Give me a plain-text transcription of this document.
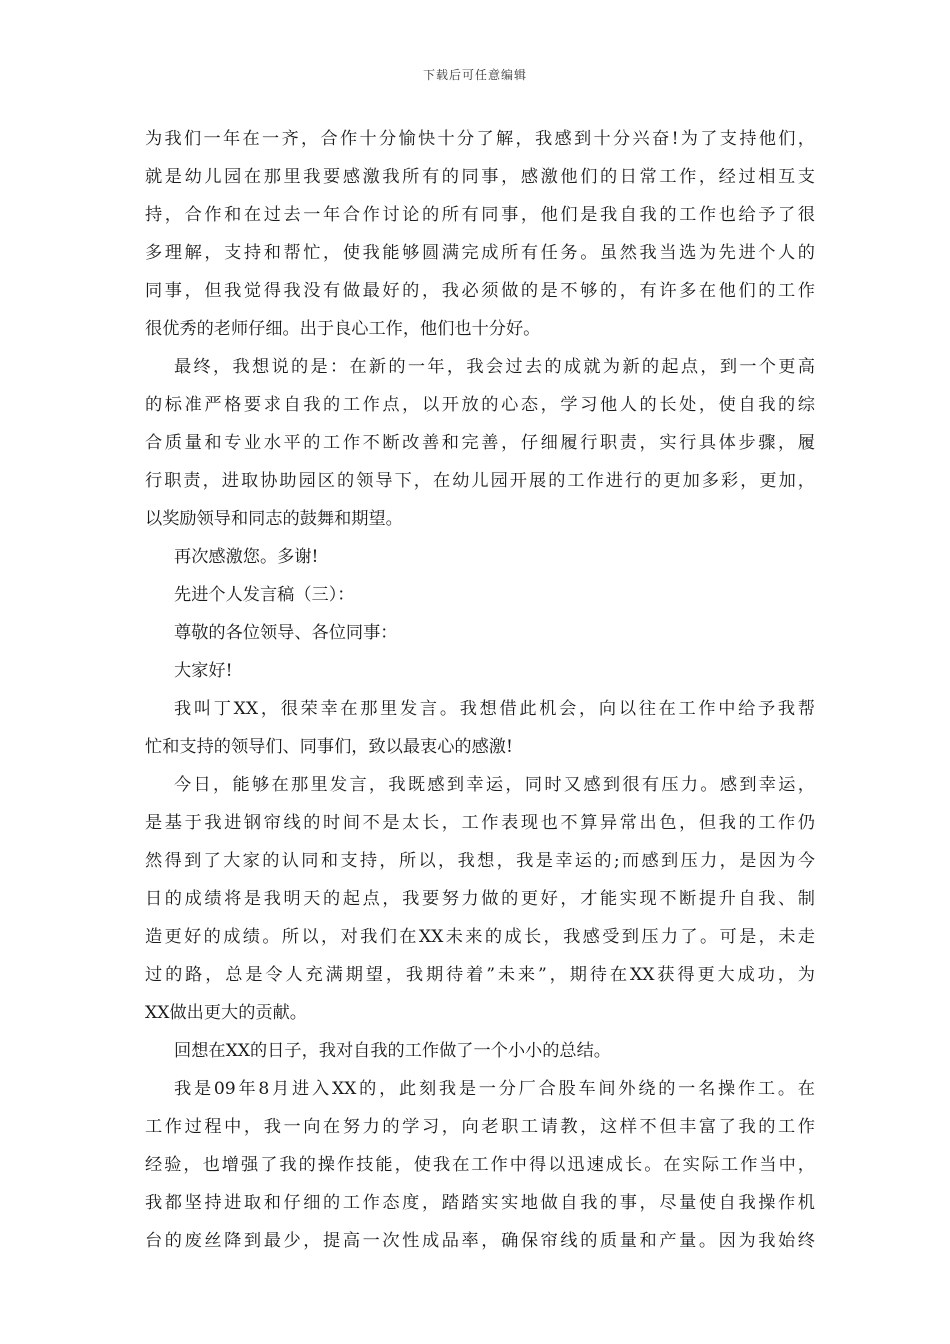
下载后可任意编辑
为我们一年在一齐，合作十分愉快十分了解，我感到十分兴奋!为了支持他们，
就是幼儿园在那里我要感激我所有的同事，感激他们的日常工作，经过相互支
持，合作和在过去一年合作讨论的所有同事，他们是我自我的工作也给予了很
多理解，支持和帮忙，使我能够圆满完成所有任务。虽然我当选为先进个人的
同事，但我觉得我没有做最好的，我必须做的是不够的，有许多在他们的工作
很优秀的老师仔细。出于良心工作，他们也十分好。
最终，我想说的是：在新的一年，我会过去的成就为新的起点，到一个更高
的标准严格要求自我的工作点，以开放的心态，学习他人的长处，使自我的综
合质量和专业水平的工作不断改善和完善，仔细履行职责，实行具体步骤，履
行职责，进取协助园区的领导下，在幼儿园开展的工作进行的更加多彩，更加，
以奖励领导和同志的鼓舞和期望。
再次感激您。多谢!
先进个人发言稿（三）：
尊敬的各位领导、各位同事：
大家好!
我叫丁XX，很荣幸在那里发言。我想借此机会，向以往在工作中给予我帮
忙和支持的领导们、同事们，致以最衷心的感激!
今日，能够在那里发言，我既感到幸运，同时又感到很有压力。感到幸运，
是基于我进钢帘线的时间不是太长，工作表现也不算异常出色，但我的工作仍
然得到了大家的认同和支持，所以，我想，我是幸运的;而感到压力，是因为今
日的成绩将是我明天的起点，我要努力做的更好，才能实现不断提升自我、制
造更好的成绩。所以，对我们在XX未来的成长，我感受到压力了。可是，未走
过的路，总是令人充满期望，我期待着”未来”，期待在XX获得更大成功，为
XX做出更大的贡献。
回想在XX的日子，我对自我的工作做了一个小小的总结。
我是09年8月进入XX的，此刻我是一分厂合股车间外绕的一名操作工。在
工作过程中，我一向在努力的学习，向老职工请教，这样不但丰富了我的工作
经验，也增强了我的操作技能，使我在工作中得以迅速成长。在实际工作当中，
我都坚持进取和仔细的工作态度，踏踏实实地做自我的事，尽量使自我操作机
台的废丝降到最少，提高一次性成品率，确保帘线的质量和产量。因为我始终
